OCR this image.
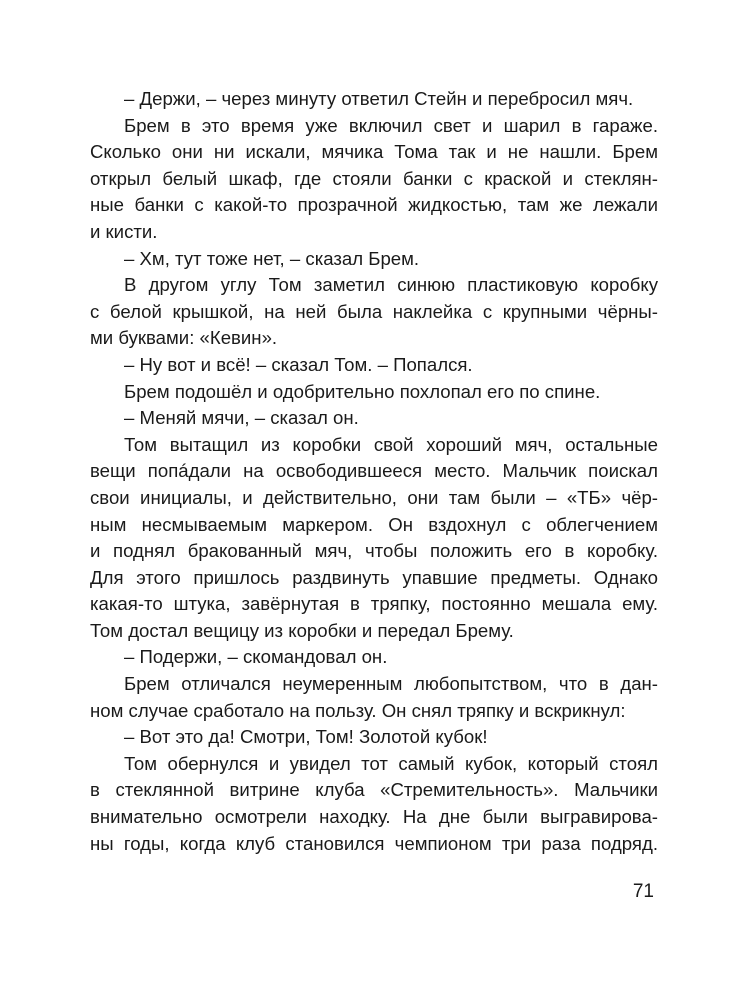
– Держи, – через минуту ответил Стейн и перебросил мяч.
Брем в это время уже включил свет и шарил в гараже.
Сколько они ни искали, мячика Тома так и не нашли. Брем
открыл белый шкаф, где стояли банки с краской и стеклян-
ные банки с какой-то прозрачной жидкостью, там же лежали
и кисти.
– Хм, тут тоже нет, – сказал Брем.
В другом углу Том заметил синюю пластиковую коробку
с белой крышкой, на ней была наклейка с крупными чёрны-
ми буквами: «Кевин».
– Ну вот и всё! – сказал Том. – Попался.
Брем подошёл и одобрительно похлопал его по спине.
– Меняй мячи, – сказал он.
Том вытащил из коробки свой хороший мяч, остальные
вещи попáдали на освободившееся место. Мальчик поискал
свои инициалы, и действительно, они там были – «ТБ» чёр-
ным несмываемым маркером. Он вздохнул с облегчением
и поднял бракованный мяч, чтобы положить его в коробку.
Для этого пришлось раздвинуть упавшие предметы. Однако
какая-то штука, завёрнутая в тряпку, постоянно мешала ему.
Том достал вещицу из коробки и передал Брему.
– Подержи, – скомандовал он.
Брем отличался неумеренным любопытством, что в дан-
ном случае сработало на пользу. Он снял тряпку и вскрикнул:
– Вот это да! Смотри, Том! Золотой кубок!
Том обернулся и увидел тот самый кубок, который стоял
в стеклянной витрине клуба «Стремительность». Мальчики
внимательно осмотрели находку. На дне были выгравирова-
ны годы, когда клуб становился чемпионом три раза подряд.
71
